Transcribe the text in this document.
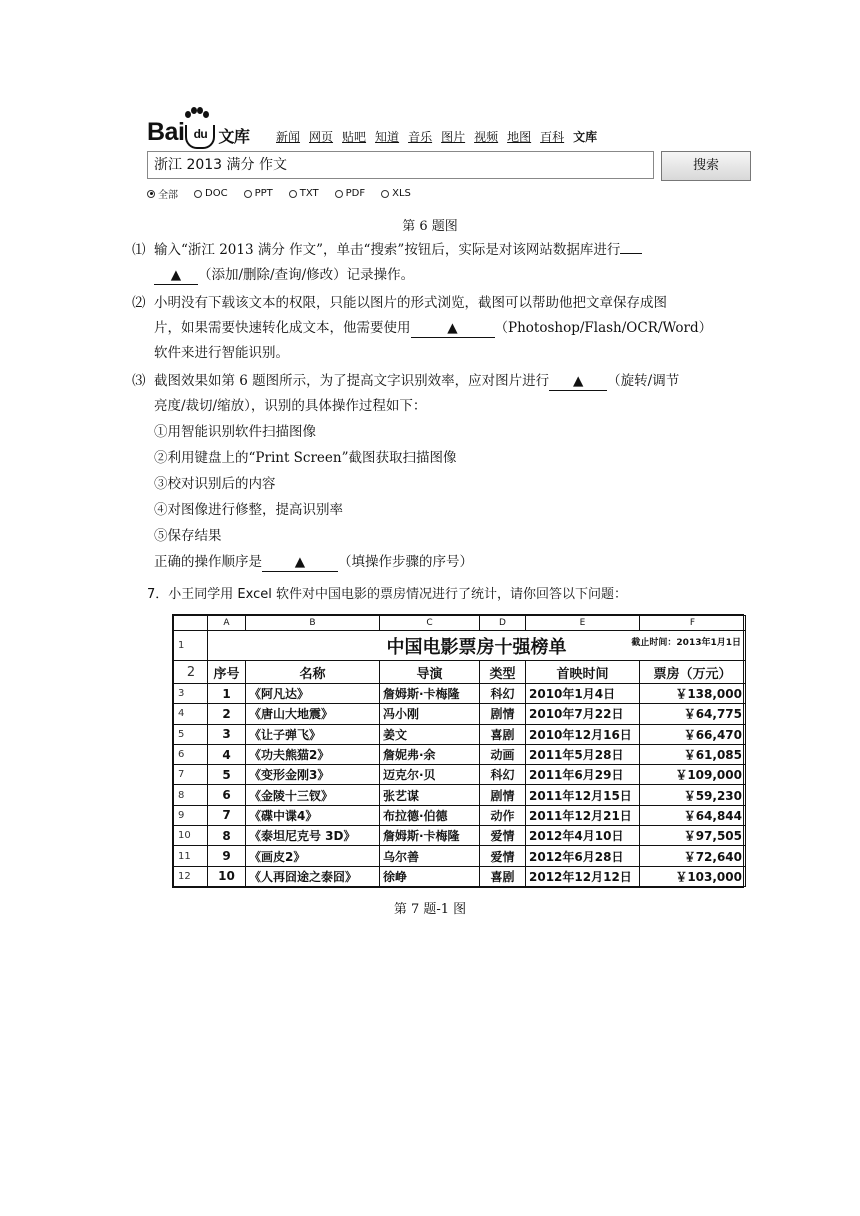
Bai du 文库 新闻 网页 贴吧 知道 音乐 图片 视频 地图 百科 文库
浙江 2013 满分 作文	搜索
全部	DOC	PPT	TXT	PDF	XLS
第 6 题图
⑴ 输入“浙江 2013 满分 作文”，单击“搜索”按钮后，实际是对该网站数据库进行
▲ （添加/删除/查询/修改）记录操作。
⑵ 小明没有下载该文本的权限，只能以图片的形式浏览，截图可以帮助他把文章保存成图
片，如果需要快速转化成文本，他需要使用	▲	（Photoshop/Flash/OCR/Word）
软件来进行智能识别。
⑶ 截图效果如第 6 题图所示，为了提高文字识别效率，应对图片进行 ▲ （旋转/调节
亮度/裁切/缩放），识别的具体操作过程如下：
①用智能识别软件扫描图像
②利用键盘上的“Print Screen”截图获取扫描图像
③校对识别后的内容
④对图像进行修整，提高识别率
⑤保存结果
正确的操作顺序是 ▲ （填操作步骤的序号）
7．小王同学用 Excel 软件对中国电影的票房情况进行了统计，请你回答以下问题：
	A	B	C	D	E	F
1	中国电影票房十强榜单 截止时间：2013年1月1日					

2	序号	名称	导演	类型	首映时间	票房（万元）
3	1	《阿凡达》	詹姆斯·卡梅隆	科幻	2010年1月4日	￥138,000
4	2	《唐山大地震》	冯小刚	剧情	2010年7月22日	￥64,775
5	3	《让子弹飞》	姜文	喜剧	2010年12月16日	￥66,470
6	4	《功夫熊猫2》	詹妮弗·余	动画	2011年5月28日	￥61,085
7	5	《变形金刚3》	迈克尔·贝	科幻	2011年6月29日	￥109,000
8	6	《金陵十三钗》	张艺谋	剧情	2011年12月15日	￥59,230
9	7	《碟中谍4》	布拉德·伯德	动作	2011年12月21日	￥64,844
10	8	《泰坦尼克号 3D》	詹姆斯·卡梅隆	爱情	2012年4月10日	￥97,505
11	9	《画皮2》	乌尔善	爱情	2012年6月28日	￥72,640
12	10	《人再囧途之泰囧》	徐峥	喜剧	2012年12月12日	￥103,000
第 7 题-1 图
